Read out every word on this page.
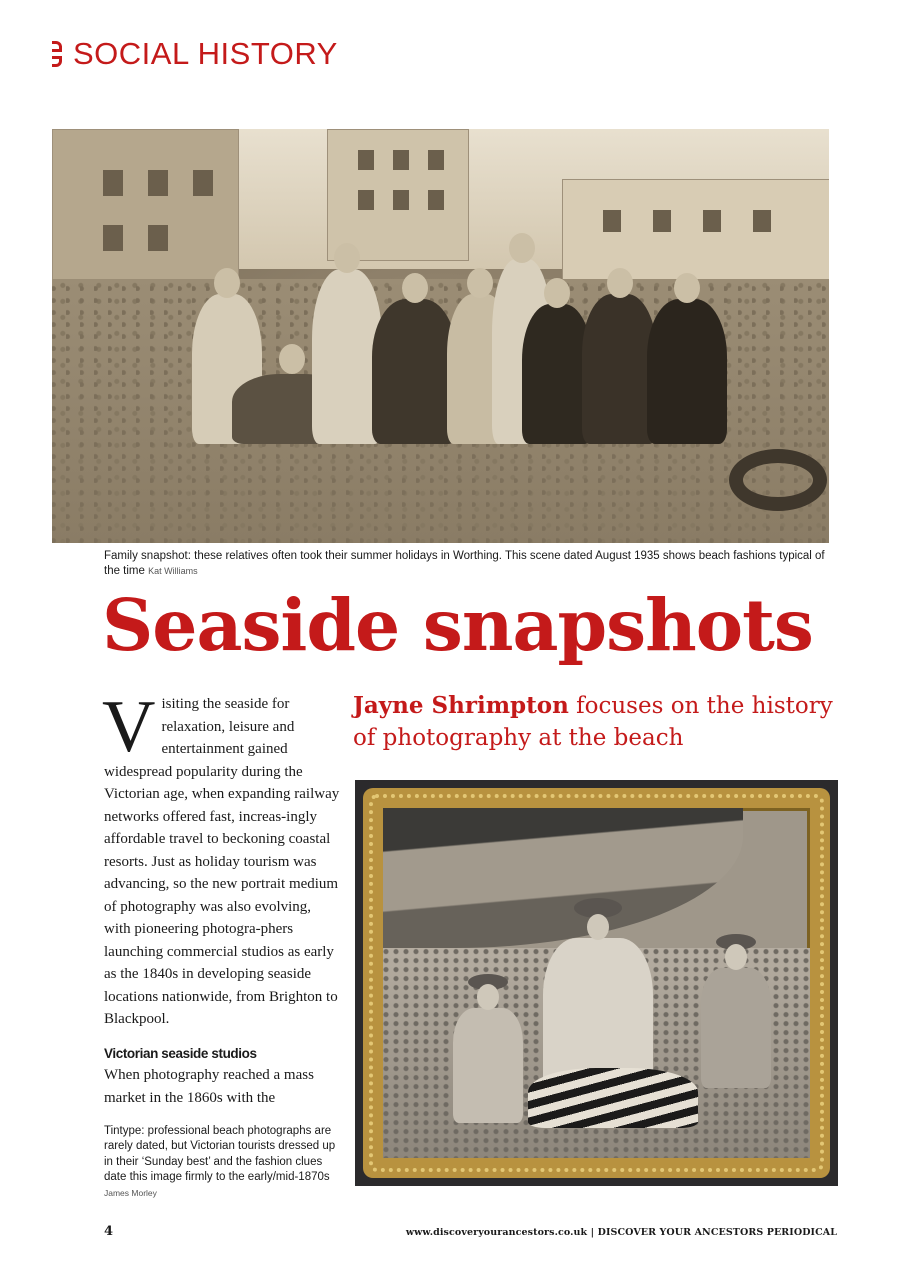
SOCIAL HISTORY
Family snapshot: these relatives often took their summer holidays in Worthing. This scene dated August 1935 shows beach fashions typical of the time Kat Williams
Seaside snapshots
Jayne Shrimpton focuses on the history of photography at the beach
Visiting the seaside for relaxation, leisure and entertainment gained widespread popularity during the Victorian age, when expanding railway networks offered fast, increas-ingly affordable travel to beckoning coastal resorts. Just as holiday tourism was advancing, so the new portrait medium of photography was also evolving, with pioneering photogra-phers launching commercial studios as early as the 1840s in developing seaside locations nationwide, from Brighton to Blackpool.
Victorian seaside studios
When photography reached a mass market in the 1860s with the
Tintype: professional beach photographs are rarely dated, but Victorian tourists dressed up in their ‘Sunday best’ and the fashion clues date this image firmly to the early/mid-1870s
James Morley
4	www.discoveryourancestors.co.uk | DISCOVER YOUR ANCESTORS PERIODICAL
